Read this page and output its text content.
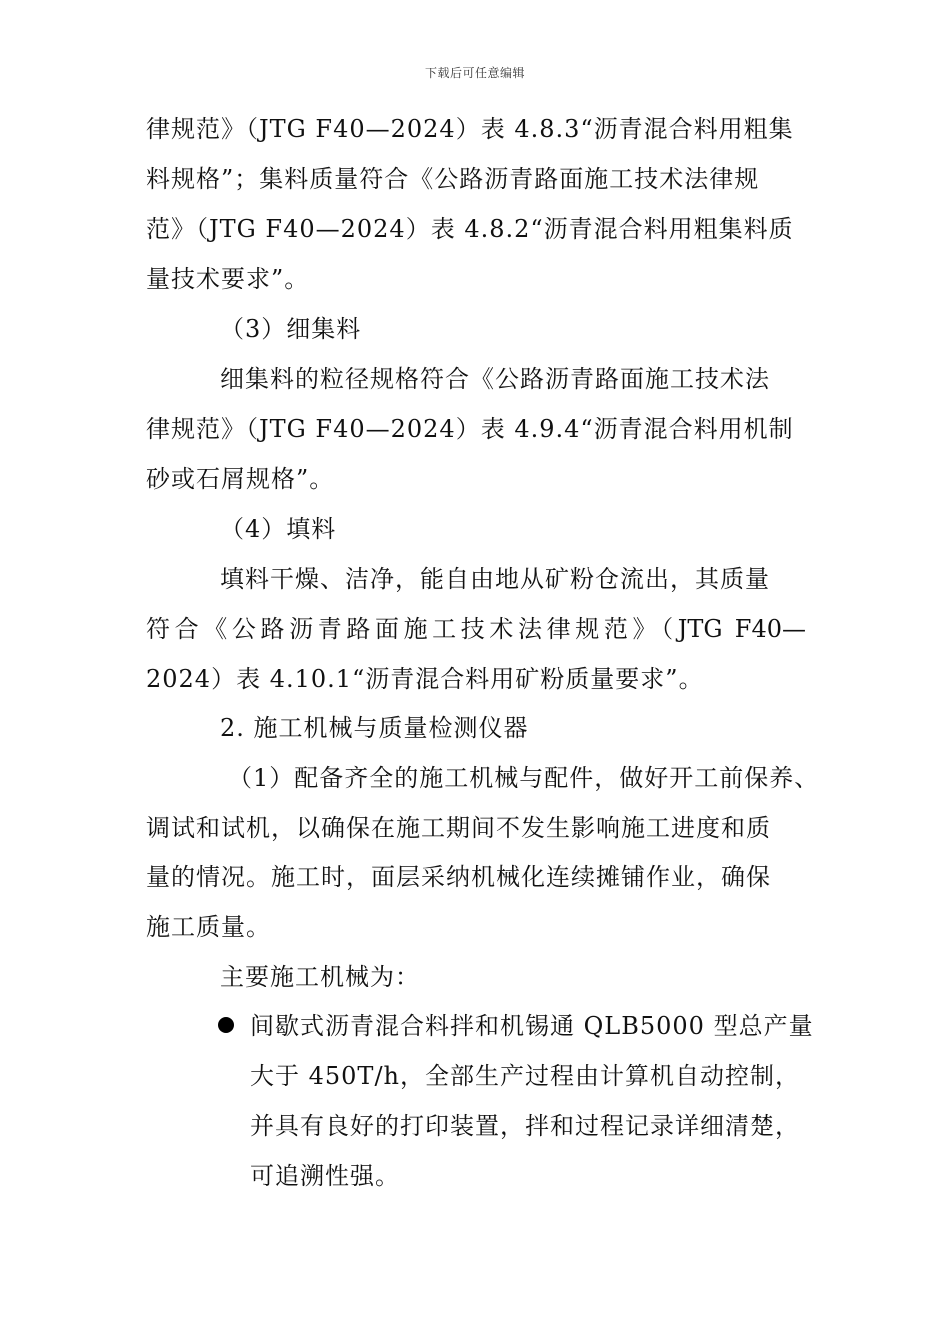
下载后可任意编辑
律规范》（JTG F40—2024）表 4.8.3“沥青混合料用粗集
料规格”；集料质量符合《公路沥青路面施工技术法律规
范》（JTG F40—2024）表 4.8.2“沥青混合料用粗集料质
量技术要求”。
（3）细集料
细集料的粒径规格符合《公路沥青路面施工技术法
律规范》（JTG F40—2024）表 4.9.4“沥青混合料用机制
砂或石屑规格”。
（4）填料
填料干燥、洁净，能自由地从矿粉仓流出，其质量
符合《公路沥青路面施工技术法律规范》（JTG F40—
2024）表 4.10.1“沥青混合料用矿粉质量要求”。
2. 施工机械与质量检测仪器
（1）配备齐全的施工机械与配件，做好开工前保养、
调试和试机，以确保在施工期间不发生影响施工进度和质
量的情况。施工时，面层采纳机械化连续摊铺作业，确保
施工质量。
主要施工机械为：
间歇式沥青混合料拌和机锡通 QLB5000 型总产量
大于 450T/h，全部生产过程由计算机自动控制，
并具有良好的打印装置，拌和过程记录详细清楚，
可追溯性强。
